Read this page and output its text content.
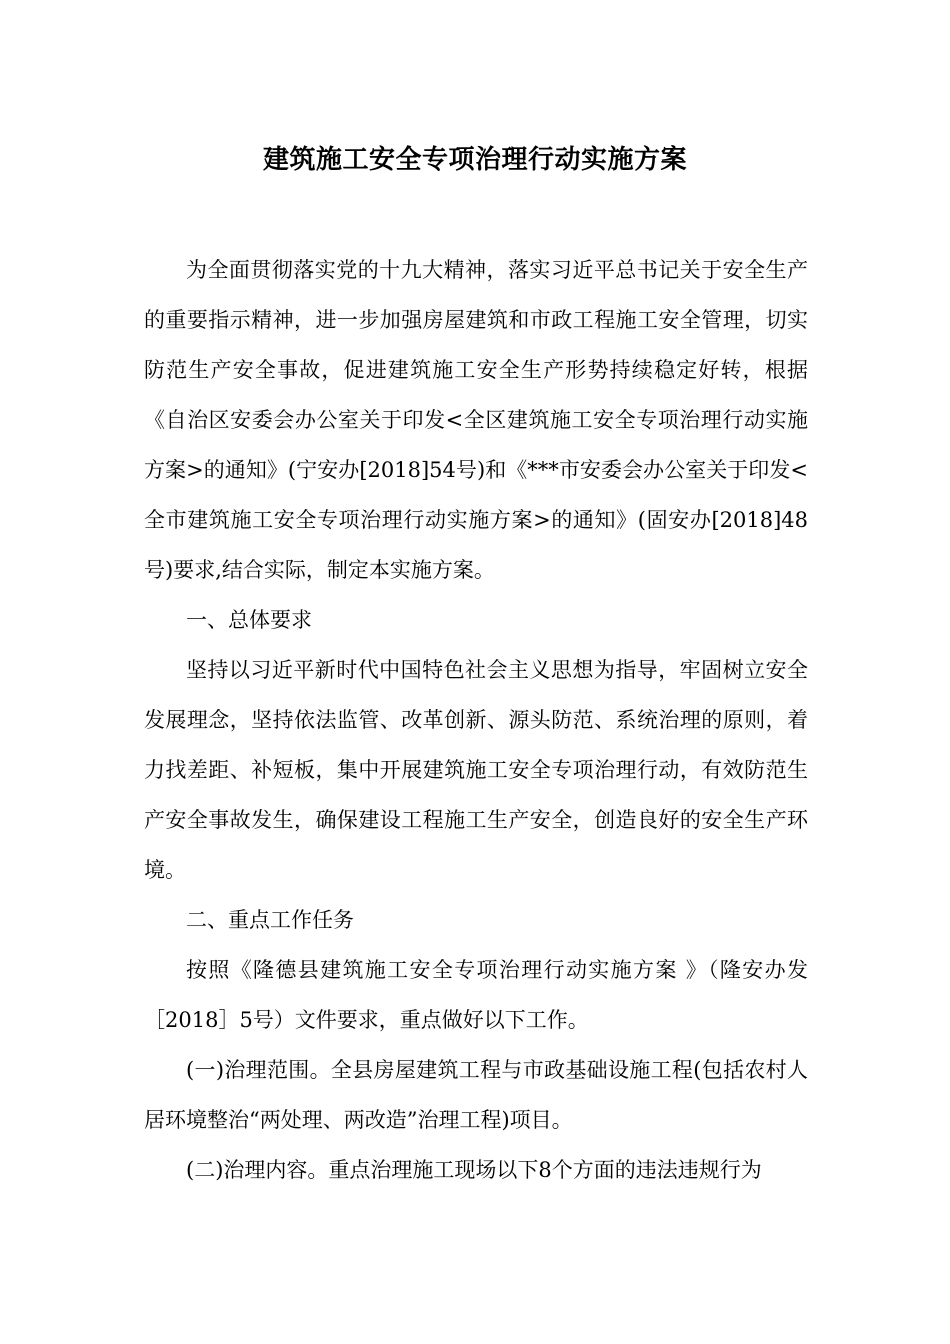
建筑施工安全专项治理行动实施方案

为全面贯彻落实党的十九大精神，落实习近平总书记关于安全生产的重要指示精神，进一步加强房屋建筑和市政工程施工安全管理，切实防范生产安全事故，促进建筑施工安全生产形势持续稳定好转，根据《自治区安委会办公室关于印发<全区建筑施工安全专项治理行动实施方案>的通知》(宁安办[2018]54号)和《***市安委会办公室关于印发<全市建筑施工安全专项治理行动实施方案>的通知》(固安办[2018]48号)要求,结合实际，制定本实施方案。

一、总体要求

坚持以习近平新时代中国特色社会主义思想为指导，牢固树立安全发展理念，坚持依法监管、改革创新、源头防范、系统治理的原则，着力找差距、补短板，集中开展建筑施工安全专项治理行动，有效防范生产安全事故发生，确保建设工程施工生产安全，创造良好的安全生产环境。

二、重点工作任务

按照《隆德县建筑施工安全专项治理行动实施方案 》（隆安办发［2018］5号）文件要求，重点做好以下工作。

(一)治理范围。全县房屋建筑工程与市政基础设施工程(包括农村人居环境整治“两处理、两改造”治理工程)项目。

(二)治理内容。重点治理施工现场以下8个方面的违法违规行为
